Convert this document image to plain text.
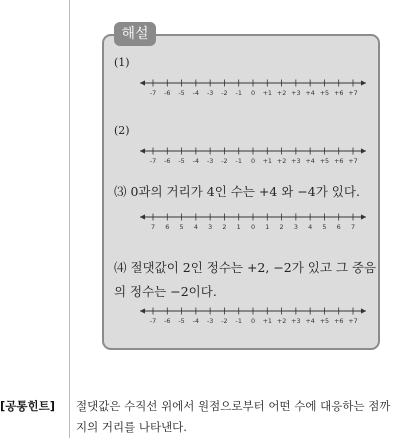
해설
(1)
-7 -6 -5 -4 -3 -2 -1 0 +1 +2 +3 +4 +5 +6 +7
(2)
-7 -6 -5 -4 -3 -2 -1 0 +1 +2 +3 +4 +5 +6 +7
⑶ 0과의 거리가 4인 수는 +4 와 −4가 있다.
7 6 5 4 3 2 1 0 1 2 3 4 5 6 7
⑷ 절댓값이 2인 정수는 +2, −2가 있고 그 중음의 정수는 −2이다.
-7 -6 -5 -4 -3 -2 -1 0 +1 +2 +3 +4 +5 +6 +7
[공통힌트] 절댓값은 수직선 위에서 원점으로부터 어떤 수에 대응하는 점까지의 거리를 나타낸다.
